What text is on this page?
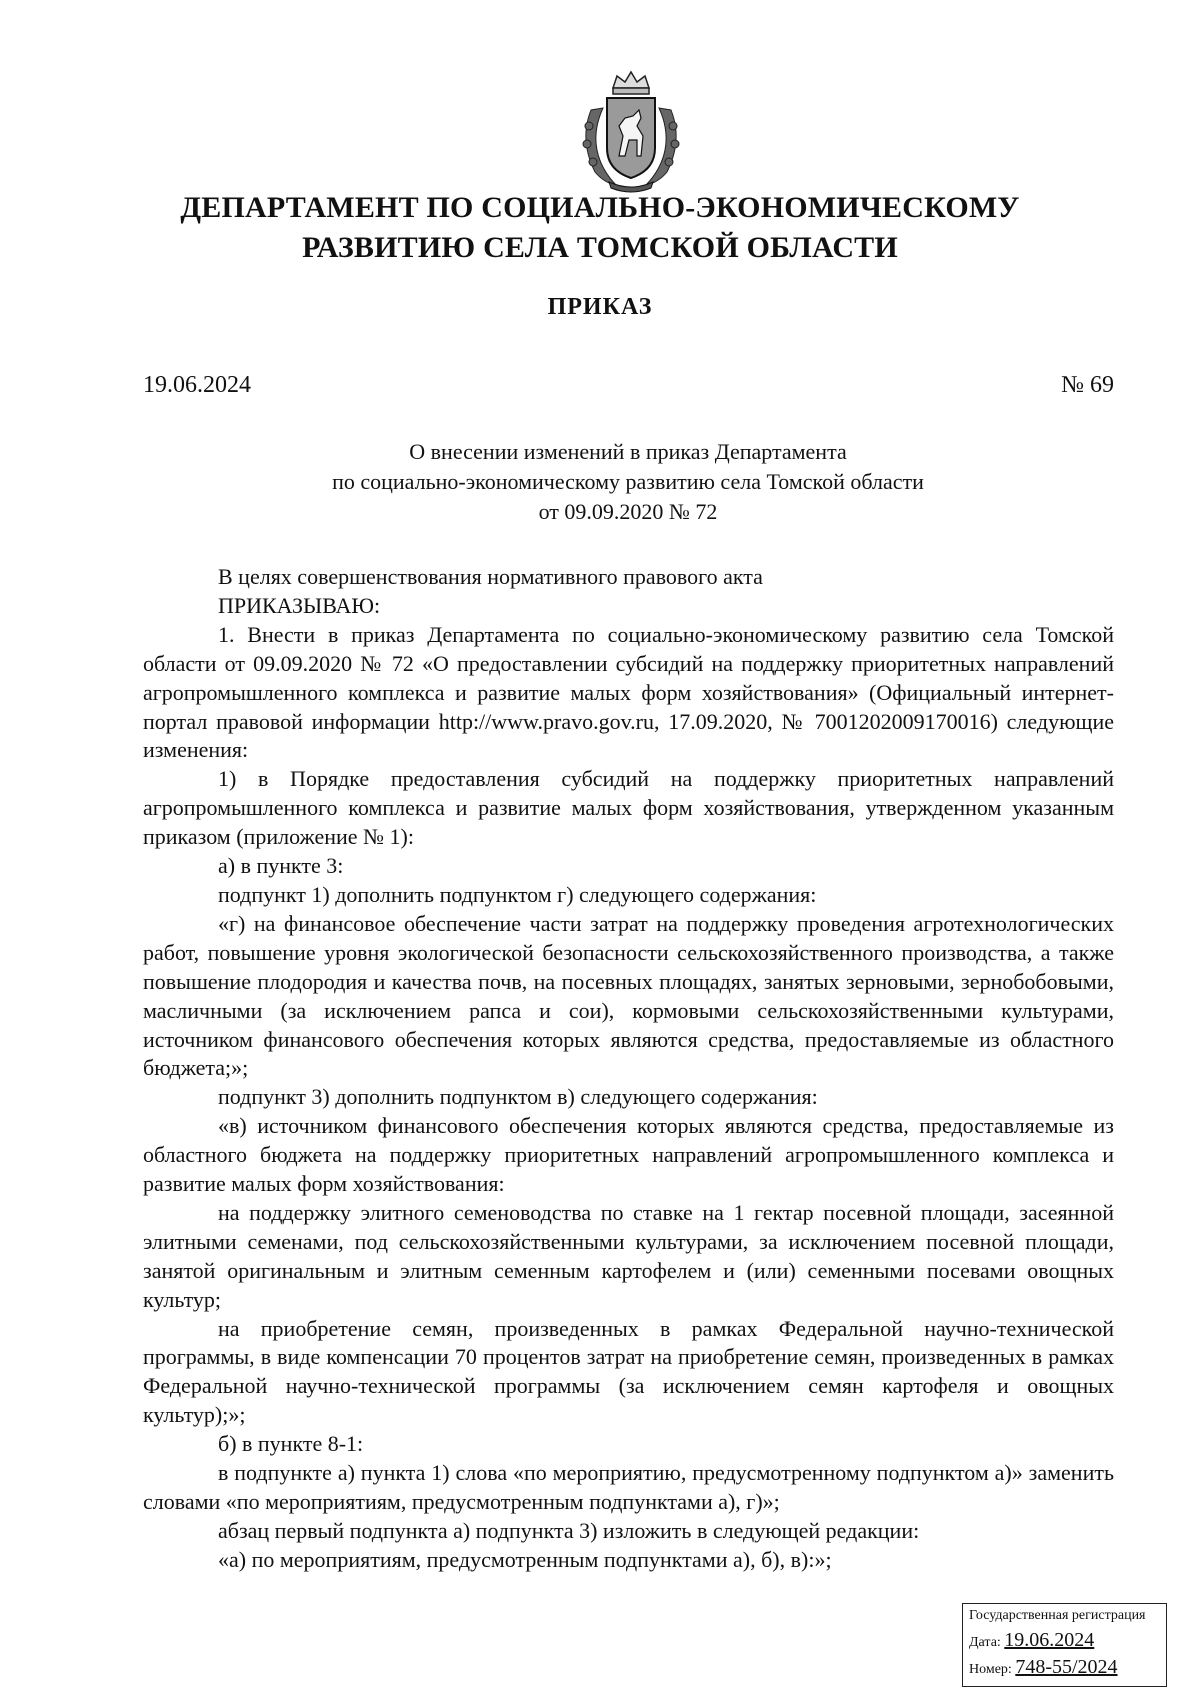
ДЕПАРТАМЕНТ ПО СОЦИАЛЬНО-ЭКОНОМИЧЕСКОМУ
РАЗВИТИЮ СЕЛА ТОМСКОЙ ОБЛАСТИ
ПРИКАЗ
19.06.2024	№ 69
О внесении изменений в приказ Департамента
по социально-экономическому развитию села Томской области
от 09.09.2020 № 72

В целях совершенствования нормативного правового акта

ПРИКАЗЫВАЮ:

1. Внести в приказ Департамента по социально-экономическому развитию села Томской области от 09.09.2020 № 72 «О предоставлении субсидий на поддержку приоритетных направлений агропромышленного комплекса и развитие малых форм хозяйствования» (Официальный интернет-портал правовой информации http://www.pravo.gov.ru, 17.09.2020, № 7001202009170016) следующие изменения:

1) в Порядке предоставления субсидий на поддержку приоритетных направлений агропромышленного комплекса и развитие малых форм хозяйствования, утвержденном указанным приказом (приложение № 1):

а) в пункте 3:

подпункт 1) дополнить подпунктом г) следующего содержания:

«г) на финансовое обеспечение части затрат на поддержку проведения агротехнологических работ, повышение уровня экологической безопасности сельскохозяйственного производства, а также повышение плодородия и качества почв, на посевных площадях, занятых зерновыми, зернобобовыми, масличными (за исключением рапса и сои), кормовыми сельскохозяйственными культурами, источником финансового обеспечения которых являются средства, предоставляемые из областного бюджета;»;

подпункт 3) дополнить подпунктом в) следующего содержания:

«в) источником финансового обеспечения которых являются средства, предоставляемые из областного бюджета на поддержку приоритетных направлений агропромышленного комплекса и развитие малых форм хозяйствования:

на поддержку элитного семеноводства по ставке на 1 гектар посевной площади, засеянной элитными семенами, под сельскохозяйственными культурами, за исключением посевной площади, занятой оригинальным и элитным семенным картофелем и (или) семенными посевами овощных культур;

на приобретение семян, произведенных в рамках Федеральной научно-технической программы, в виде компенсации 70 процентов затрат на приобретение семян, произведенных в рамках Федеральной научно-технической программы (за исключением семян картофеля и овощных культур);»;

б) в пункте 8-1:

в подпункте а) пункта 1) слова «по мероприятию, предусмотренному подпунктом а)» заменить словами «по мероприятиям, предусмотренным подпунктами а), г)»;

абзац первый подпункта а) подпункта 3) изложить в следующей редакции:

«а) по мероприятиям, предусмотренным подпунктами а), б), в):»;

Государственная регистрация
Дата: 19.06.2024
Номер: 748-55/2024
